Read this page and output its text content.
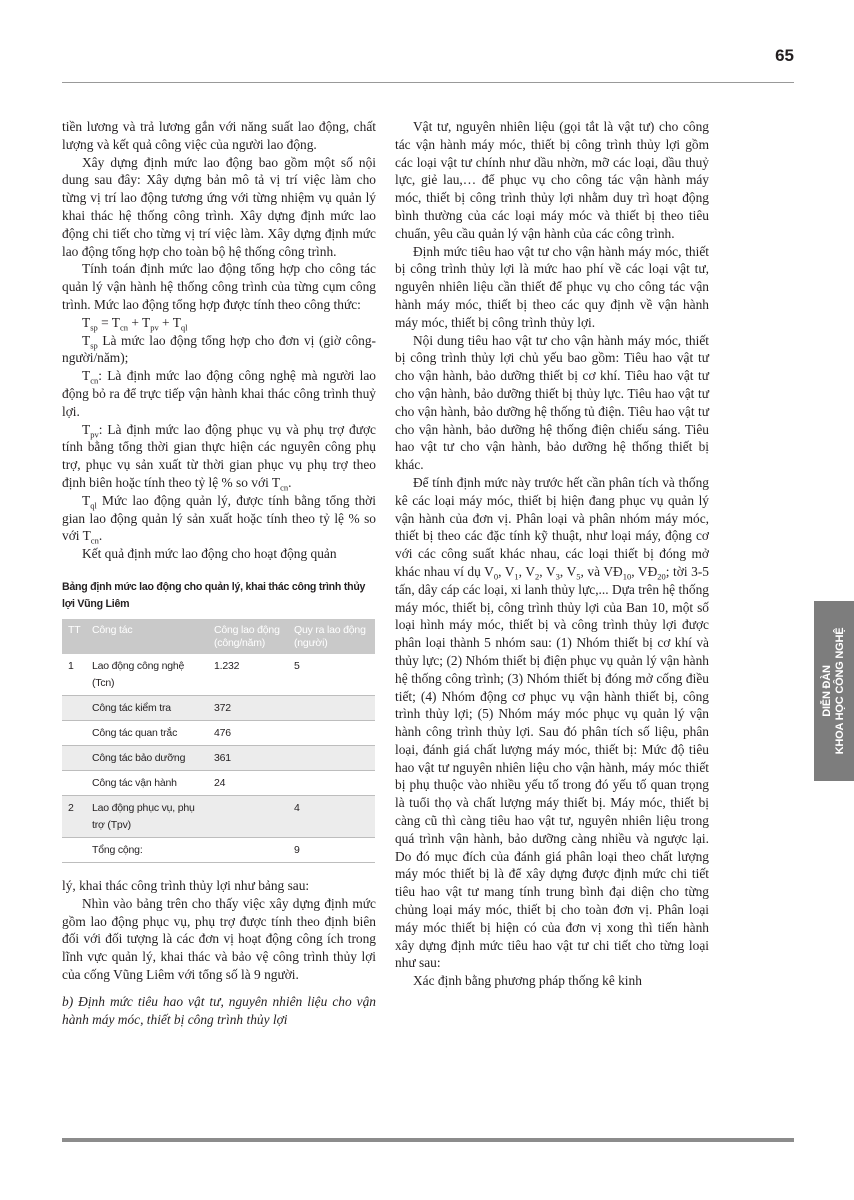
65

tiền lương và trả lương gắn với năng suất lao động, chất lượng và kết quả công việc của người lao động.

Xây dựng định mức lao động bao gồm một số nội dung sau đây: Xây dựng bản mô tả vị trí việc làm cho từng vị trí lao động tương ứng với từng nhiệm vụ quản lý khai thác hệ thống công trình. Xây dựng định mức lao động chi tiết cho từng vị trí việc làm. Xây dựng định mức lao động tổng hợp cho toàn bộ hệ thống công trình.

Tính toán định mức lao động tổng hợp cho công tác quản lý vận hành hệ thống công trình của từng cụm công trình. Mức lao động tổng hợp được tính theo công thức:

$T_{sp} = T_{cn} + T_{pv} + T_{ql}$

$T_{sp}$ Là mức lao động tổng hợp cho đơn vị (giờ công- người/năm);

$T_{cn}$: Là định mức lao động công nghệ mà người lao động bỏ ra để trực tiếp vận hành khai thác công trình thuỷ lợi.

$T_{pv}$: Là định mức lao động phục vụ và phụ trợ được tính bằng tổng thời gian thực hiện các nguyên công phụ trợ, phục vụ sản xuất từ thời gian phục vụ phụ trợ theo định biên hoặc tính theo tỷ lệ % so với $T_{cn}$.

$T_{ql}$ Mức lao động quản lý, được tính bằng tổng thời gian lao động quản lý sản xuất hoặc tính theo tỷ lệ % so với $T_{cn}$.

Kết quả định mức lao động cho hoạt động quản

Bảng định mức lao động cho quản lý, khai thác công trình thủy lợi Vũng Liêm
TT	Công tác	Công lao động (công/năm)	Quy ra lao động (người)
1	Lao động công nghệ (Tcn)	1.232	5
	Công tác kiểm tra	372	
	Công tác quan trắc	476	
	Công tác bảo dưỡng	361	
	Công tác vận hành	24	
2	Lao động phục vụ, phụ trợ (Tpv)		4
	Tổng cộng:		9

lý, khai thác công trình thủy lợi như bảng sau:

Nhìn vào bảng trên cho thấy việc xây dựng định mức gồm lao động phục vụ, phụ trợ được tính theo định biên đối với đối tượng là các đơn vị hoạt động công ích trong lĩnh vực quản lý, khai thác và bảo vệ công trình thủy lợi của cống Vũng Liêm với tổng số là 9 người.

b) Định mức tiêu hao vật tư, nguyên nhiên liệu cho vận hành máy móc, thiết bị công trình thủy lợi

Vật tư, nguyên nhiên liệu (gọi tắt là vật tư) cho công tác vận hành máy móc, thiết bị công trình thủy lợi gồm các loại vật tư chính như dầu nhờn, mỡ các loại, dầu thuỷ lực, giẻ lau,… để phục vụ cho công tác vận hành máy móc, thiết bị công trình thủy lợi nhằm duy trì hoạt động bình thường của các loại máy móc và thiết bị theo tiêu chuẩn, yêu cầu quản lý vận hành của các công trình.

Định mức tiêu hao vật tư cho vận hành máy móc, thiết bị công trình thủy lợi là mức hao phí về các loại vật tư, nguyên nhiên liệu cần thiết để phục vụ cho công tác vận hành máy móc, thiết bị theo các quy định về vận hành máy móc, thiết bị công trình thủy lợi.

Nội dung tiêu hao vật tư cho vận hành máy móc, thiết bị công trình thủy lợi chủ yếu bao gồm: Tiêu hao vật tư cho vận hành, bảo dưỡng thiết bị cơ khí. Tiêu hao vật tư cho vận hành, bảo dưỡng thiết bị thủy lực. Tiêu hao vật tư cho vận hành, bảo dưỡng hệ thống tủ điện. Tiêu hao vật tư cho vận hành, bảo dưỡng hệ thống điện chiếu sáng. Tiêu hao vật tư cho vận hành, bảo dưỡng hệ thống thiết bị khác.

Để tính định mức này trước hết cần phân tích và thống kê các loại máy móc, thiết bị hiện đang phục vụ quản lý vận hành của đơn vị. Phân loại và phân nhóm máy móc, thiết bị theo các đặc tính kỹ thuật, như loại máy, động cơ với các công suất khác nhau, các loại thiết bị đóng mở khác nhau ví dụ $V_0$, $V_1$, $V_2$, $V_3$, $V_5$, và $VĐ_{10}$, $VĐ_{20}$; tời 3-5 tấn, dây cáp các loại, xi lanh thủy lực,... Dựa trên hệ thống máy móc, thiết bị, công trình thủy lợi của Ban 10, một số loại hình máy móc, thiết bị và công trình thủy lợi được phân loại thành 5 nhóm sau: (1) Nhóm thiết bị cơ khí và thủy lực; (2) Nhóm thiết bị điện phục vụ quản lý vận hành hệ thống công trình; (3) Nhóm thiết bị đóng mở cống điều tiết; (4) Nhóm động cơ phục vụ vận hành thiết bị, công trình thủy lợi; (5) Nhóm máy móc phục vụ quản lý vận hành công trình thủy lợi. Sau đó phân tích số liệu, phân loại, đánh giá chất lượng máy móc, thiết bị: Mức độ tiêu hao vật tư nguyên nhiên liệu cho vận hành, máy móc thiết bị phụ thuộc vào nhiều yếu tố trong đó yếu tố quan trọng là tuổi thọ và chất lượng máy thiết bị. Máy móc, thiết bị càng cũ thì càng tiêu hao vật tư, nguyên nhiên liệu trong quá trình vận hành, bảo dưỡng càng nhiều và ngược lại. Do đó mục đích của đánh giá phân loại theo chất lượng máy móc thiết bị là để xây dựng được định mức chi tiết tiêu hao vật tư mang tính trung bình đại diện cho từng chủng loại máy móc, thiết bị cho toàn đơn vị. Phân loại máy móc thiết bị hiện có của đơn vị xong thì tiến hành xây dựng định mức tiêu hao vật tư chi tiết cho từng loại như sau:

Xác định bằng phương pháp thống kê kinh

DIỄN ĐÀN KHOA HỌC CÔNG NGHỆ
